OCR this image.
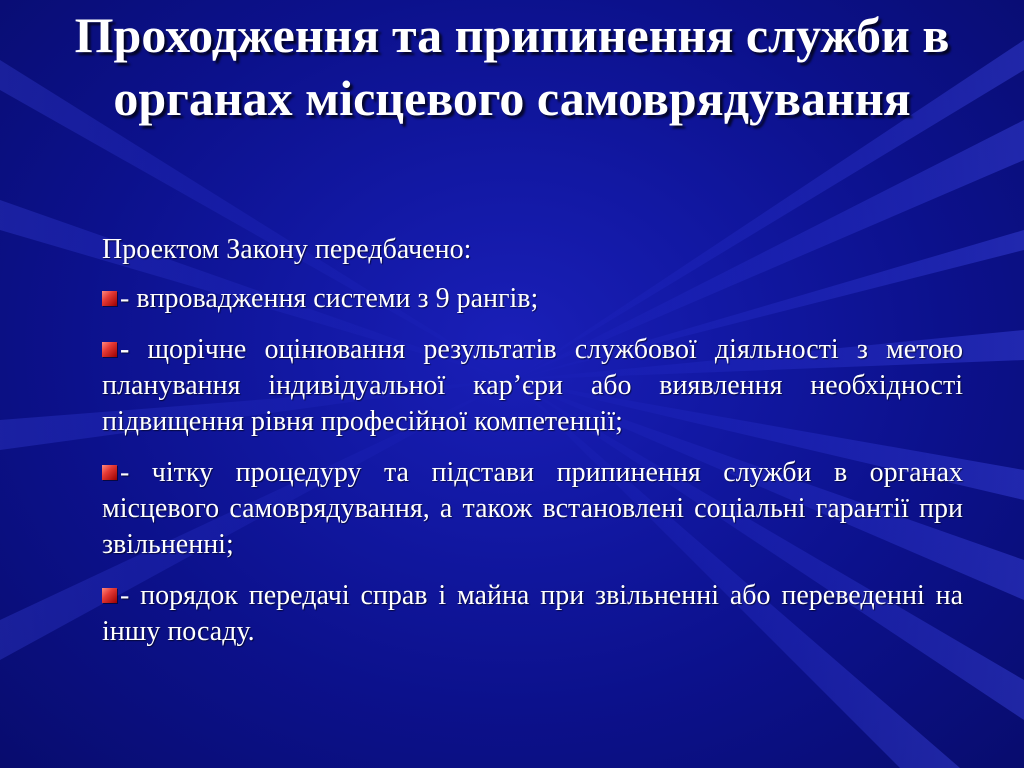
Проходження та припинення служби в органах місцевого самоврядування

Проектом Закону передбачено:

- впровадження системи з 9 рангів;

- щорічне оцінювання результатів службової діяльності з метою планування індивідуальної кар’єри або виявлення необхідності підвищення рівня професійної компетенції;

- чітку процедуру та підстави припинення служби в органах місцевого самоврядування, а також встановлені соціальні гарантії при звільненні;

- порядок передачі справ і майна при звільненні або переведенні на іншу посаду.
